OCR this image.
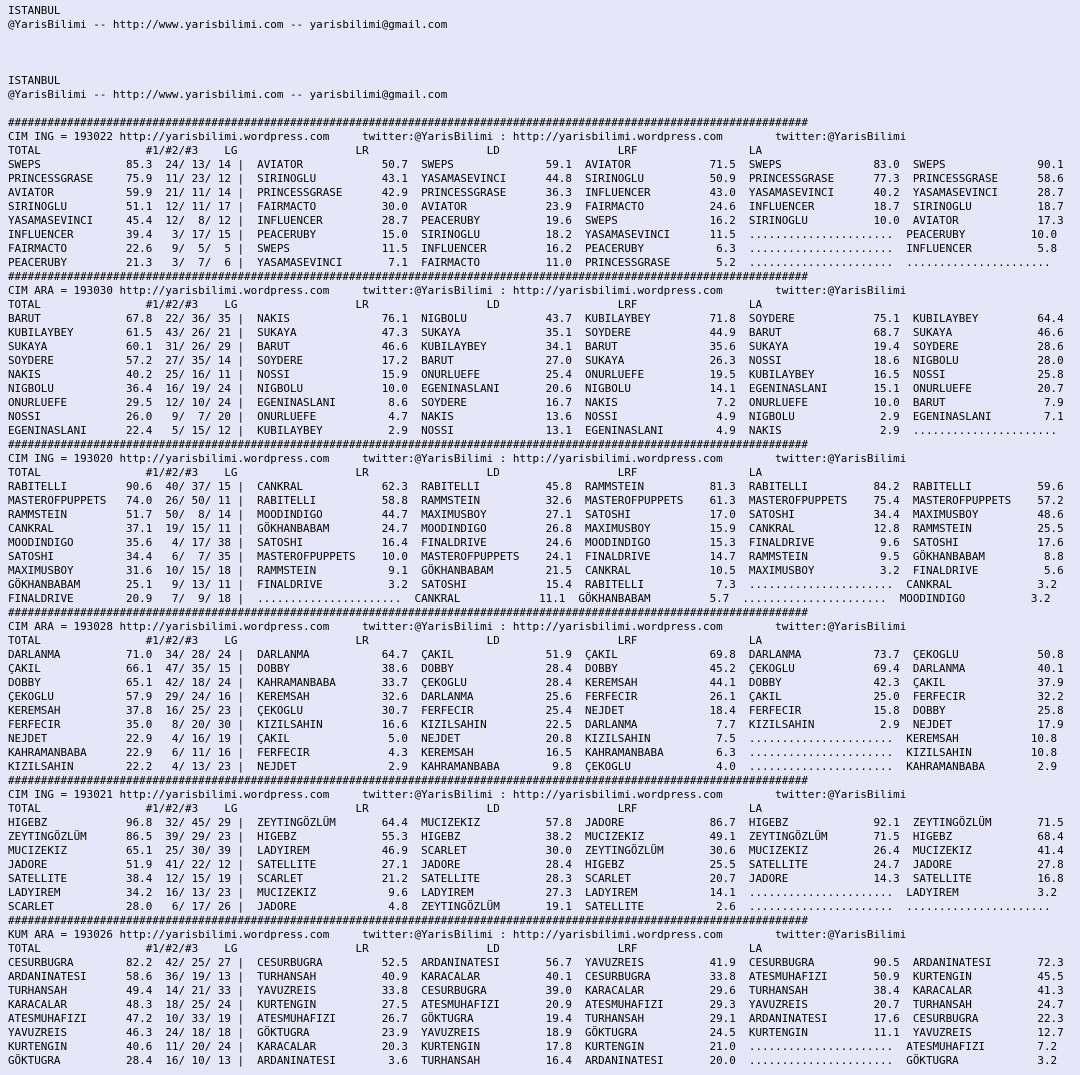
ISTANBUL
@YarisBilimi -- http://www.yarisbilimi.com -- yarisbilimi@gmail.com
ISTANBUL
@YarisBilimi -- http://www.yarisbilimi.com -- yarisbilimi@gmail.com
##########################################################################################################################
CIM ING = 193022 http://yarisbilimi.wordpress.com     twitter:@YarisBilimi : http://yarisbilimi.wordpress.com        twitter:@YarisBilimi
TOTAL                #1/#2/#3    LG                  LR                  LD                  LRF                 LA
SWEPS             85.3  24/ 13/ 14 |  AVIATOR            50.7  SWEPS              59.1  AVIATOR            71.5  SWEPS              83.0  SWEPS              90.1
PRINCESSGRASE     75.9  11/ 23/ 12 |  SIRINOGLU          43.1  YASAMASEVINCI      44.8  SIRINOGLU          50.9  PRINCESSGRASE      77.3  PRINCESSGRASE      58.6
AVIATOR           59.9  21/ 11/ 14 |  PRINCESSGRASE      42.9  PRINCESSGRASE      36.3  INFLUENCER         43.0  YASAMASEVINCI      40.2  YASAMASEVINCI      28.7
SIRINOGLU         51.1  12/ 11/ 17 |  FAIRMACTO          30.0  AVIATOR            23.9  FAIRMACTO          24.6  INFLUENCER         18.7  SIRINOGLU          18.7
YASAMASEVINCI     45.4  12/  8/ 12 |  INFLUENCER         28.7  PEACERUBY          19.6  SWEPS              16.2  SIRINOGLU          10.0  AVIATOR            17.3
INFLUENCER        39.4   3/ 17/ 15 |  PEACERUBY          15.0  SIRINOGLU          18.2  YASAMASEVINCI      11.5  ......................  PEACERUBY          10.0
FAIRMACTO         22.6   9/  5/  5 |  SWEPS              11.5  INFLUENCER         16.2  PEACERUBY           6.3  ......................  INFLUENCER          5.8
PEACERUBY         21.3   3/  7/  6 |  YASAMASEVINCI       7.1  FAIRMACTO          11.0  PRINCESSGRASE       5.2  ......................  ......................
##########################################################################################################################
CIM ARA = 193030 http://yarisbilimi.wordpress.com     twitter:@YarisBilimi : http://yarisbilimi.wordpress.com        twitter:@YarisBilimi
TOTAL                #1/#2/#3    LG                  LR                  LD                  LRF                 LA
BARUT             67.8  22/ 36/ 35 |  NAKIS              76.1  NIGBOLU            43.7  KUBILAYBEY         71.8  SOYDERE            75.1  KUBILAYBEY         64.4
KUBILAYBEY        61.5  43/ 26/ 21 |  SUKAYA             47.3  SUKAYA             35.1  SOYDERE            44.9  BARUT              68.7  SUKAYA             46.6
SUKAYA            60.1  31/ 26/ 29 |  BARUT              46.6  KUBILAYBEY         34.1  BARUT              35.6  SUKAYA             19.4  SOYDERE            28.6
SOYDERE           57.2  27/ 35/ 14 |  SOYDERE            17.2  BARUT              27.0  SUKAYA             26.3  NOSSI              18.6  NIGBOLU            28.0
NAKIS             40.2  25/ 16/ 11 |  NOSSI              15.9  ONURLUEFE          25.4  ONURLUEFE          19.5  KUBILAYBEY         16.5  NOSSI              25.8
NIGBOLU           36.4  16/ 19/ 24 |  NIGBOLU            10.0  EGENINASLANI       20.6  NIGBOLU            14.1  EGENINASLANI       15.1  ONURLUEFE          20.7
ONURLUEFE         29.5  12/ 10/ 24 |  EGENINASLANI        8.6  SOYDERE            16.7  NAKIS               7.2  ONURLUEFE          10.0  BARUT               7.9
NOSSI             26.0   9/  7/ 20 |  ONURLUEFE           4.7  NAKIS              13.6  NOSSI               4.9  NIGBOLU             2.9  EGENINASLANI        7.1
EGENINASLANI      22.4   5/ 15/ 12 |  KUBILAYBEY          2.9  NOSSI              13.1  EGENINASLANI        4.9  NAKIS               2.9  ......................
##########################################################################################################################
CIM ING = 193020 http://yarisbilimi.wordpress.com     twitter:@YarisBilimi : http://yarisbilimi.wordpress.com        twitter:@YarisBilimi
TOTAL                #1/#2/#3    LG                  LR                  LD                  LRF                 LA
RABITELLI         90.6  40/ 37/ 15 |  CANKRAL            62.3  RABITELLI          45.8  RAMMSTEIN          81.3  RABITELLI          84.2  RABITELLI          59.6
MASTEROFPUPPETS   74.0  26/ 50/ 11 |  RABITELLI          58.8  RAMMSTEIN          32.6  MASTEROFPUPPETS    61.3  MASTEROFPUPPETS    75.4  MASTEROFPUPPETS    57.2
RAMMSTEIN         51.7  50/  8/ 14 |  MOODINDIGO         44.7  MAXIMUSBOY         27.1  SATOSHI            17.0  SATOSHI            34.4  MAXIMUSBOY         48.6
CANKRAL           37.1  19/ 15/ 11 |  GÖKHANBABAM        24.7  MOODINDIGO         26.8  MAXIMUSBOY         15.9  CANKRAL            12.8  RAMMSTEIN          25.5
MOODINDIGO        35.6   4/ 17/ 38 |  SATOSHI            16.4  FINALDRIVE         24.6  MOODINDIGO         15.3  FINALDRIVE          9.6  SATOSHI            17.6
SATOSHI           34.4   6/  7/ 35 |  MASTEROFPUPPETS    10.0  MASTEROFPUPPETS    24.1  FINALDRIVE         14.7  RAMMSTEIN           9.5  GÖKHANBABAM         8.8
MAXIMUSBOY        31.6  10/ 15/ 18 |  RAMMSTEIN           9.1  GÖKHANBABAM        21.5  CANKRAL            10.5  MAXIMUSBOY          3.2  FINALDRIVE          5.6
GÖKHANBABAM       25.1   9/ 13/ 11 |  FINALDRIVE          3.2  SATOSHI            15.4  RABITELLI           7.3  ......................  CANKRAL             3.2
FINALDRIVE        20.9   7/  9/ 18 |  ......................  CANKRAL            11.1  GÖKHANBABAM         5.7  ......................  MOODINDIGO          3.2
##########################################################################################################################
CIM ARA = 193028 http://yarisbilimi.wordpress.com     twitter:@YarisBilimi : http://yarisbilimi.wordpress.com        twitter:@YarisBilimi
TOTAL                #1/#2/#3    LG                  LR                  LD                  LRF                 LA
DARLANMA          71.0  34/ 28/ 24 |  DARLANMA           64.7  ÇAKIL              51.9  ÇAKIL              69.8  DARLANMA           73.7  ÇEKOGLU            50.8
ÇAKIL             66.1  47/ 35/ 15 |  DOBBY              38.6  DOBBY              28.4  DOBBY              45.2  ÇEKOGLU            69.4  DARLANMA           40.1
DOBBY             65.1  42/ 18/ 24 |  KAHRAMANBABA       33.7  ÇEKOGLU            28.4  KEREMSAH           44.1  DOBBY              42.3  ÇAKIL              37.9
ÇEKOGLU           57.9  29/ 24/ 16 |  KEREMSAH           32.6  DARLANMA           25.6  FERFECIR           26.1  ÇAKIL              25.0  FERFECIR           32.2
KEREMSAH          37.8  16/ 25/ 23 |  ÇEKOGLU            30.7  FERFECIR           25.4  NEJDET             18.4  FERFECIR           15.8  DOBBY              25.8
FERFECIR          35.0   8/ 20/ 30 |  KIZILSAHIN         16.6  KIZILSAHIN         22.5  DARLANMA            7.7  KIZILSAHIN          2.9  NEJDET             17.9
NEJDET            22.9   4/ 16/ 19 |  ÇAKIL               5.0  NEJDET             20.8  KIZILSAHIN          7.5  ......................  KEREMSAH           10.8
KAHRAMANBABA      22.9   6/ 11/ 16 |  FERFECIR            4.3  KEREMSAH           16.5  KAHRAMANBABA        6.3  ......................  KIZILSAHIN         10.8
KIZILSAHIN        22.2   4/ 13/ 23 |  NEJDET              2.9  KAHRAMANBABA        9.8  ÇEKOGLU             4.0  ......................  KAHRAMANBABA        2.9
##########################################################################################################################
CIM ING = 193021 http://yarisbilimi.wordpress.com     twitter:@YarisBilimi : http://yarisbilimi.wordpress.com        twitter:@YarisBilimi
TOTAL                #1/#2/#3    LG                  LR                  LD                  LRF                 LA
HIGEBZ            96.8  32/ 45/ 29 |  ZEYTINGÖZLÜM       64.4  MUCIZEKIZ          57.8  JADORE             86.7  HIGEBZ             92.1  ZEYTINGÖZLÜM       71.5
ZEYTINGÖZLÜM      86.5  39/ 29/ 23 |  HIGEBZ             55.3  HIGEBZ             38.2  MUCIZEKIZ          49.1  ZEYTINGÖZLÜM       71.5  HIGEBZ             68.4
MUCIZEKIZ         65.1  25/ 30/ 39 |  LADYIREM           46.9  SCARLET            30.0  ZEYTINGÖZLÜM       30.6  MUCIZEKIZ          26.4  MUCIZEKIZ          41.4
JADORE            51.9  41/ 22/ 12 |  SATELLITE          27.1  JADORE             28.4  HIGEBZ             25.5  SATELLITE          24.7  JADORE             27.8
SATELLITE         38.4  12/ 15/ 19 |  SCARLET            21.2  SATELLITE          28.3  SCARLET            20.7  JADORE             14.3  SATELLITE          16.8
LADYIREM          34.2  16/ 13/ 23 |  MUCIZEKIZ           9.6  LADYIREM           27.3  LADYIREM           14.1  ......................  LADYIREM            3.2
SCARLET           28.0   6/ 17/ 26 |  JADORE              4.8  ZEYTINGÖZLÜM       19.1  SATELLITE           2.6  ......................  ......................
##########################################################################################################################
KUM ARA = 193026 http://yarisbilimi.wordpress.com     twitter:@YarisBilimi : http://yarisbilimi.wordpress.com        twitter:@YarisBilimi
TOTAL                #1/#2/#3    LG                  LR                  LD                  LRF                 LA
CESURBUGRA        82.2  42/ 25/ 27 |  CESURBUGRA         52.5  ARDANINATESI       56.7  YAVUZREIS          41.9  CESURBUGRA         90.5  ARDANINATESI       72.3
ARDANINATESI      58.6  36/ 19/ 13 |  TURHANSAH          40.9  KARACALAR          40.1  CESURBUGRA         33.8  ATESMUHAFIZI       50.9  KURTENGIN          45.5
TURHANSAH         49.4  14/ 21/ 33 |  YAVUZREIS          33.8  CESURBUGRA         39.0  KARACALAR          29.6  TURHANSAH          38.4  KARACALAR          41.3
KARACALAR         48.3  18/ 25/ 24 |  KURTENGIN          27.5  ATESMUHAFIZI       20.9  ATESMUHAFIZI       29.3  YAVUZREIS          20.7  TURHANSAH          24.7
ATESMUHAFIZI      47.2  10/ 33/ 19 |  ATESMUHAFIZI       26.7  GÖKTUGRA           19.4  TURHANSAH          29.1  ARDANINATESI       17.6  CESURBUGRA         22.3
YAVUZREIS         46.3  24/ 18/ 18 |  GÖKTUGRA           23.9  YAVUZREIS          18.9  GÖKTUGRA           24.5  KURTENGIN          11.1  YAVUZREIS          12.7
KURTENGIN         40.6  11/ 20/ 24 |  KARACALAR          20.3  KURTENGIN          17.8  KURTENGIN          21.0  ......................  ATESMUHAFIZI        7.2
GÖKTUGRA          28.4  16/ 10/ 13 |  ARDANINATESI        3.6  TURHANSAH          16.4  ARDANINATESI       20.0  ......................  GÖKTUGRA            3.2
